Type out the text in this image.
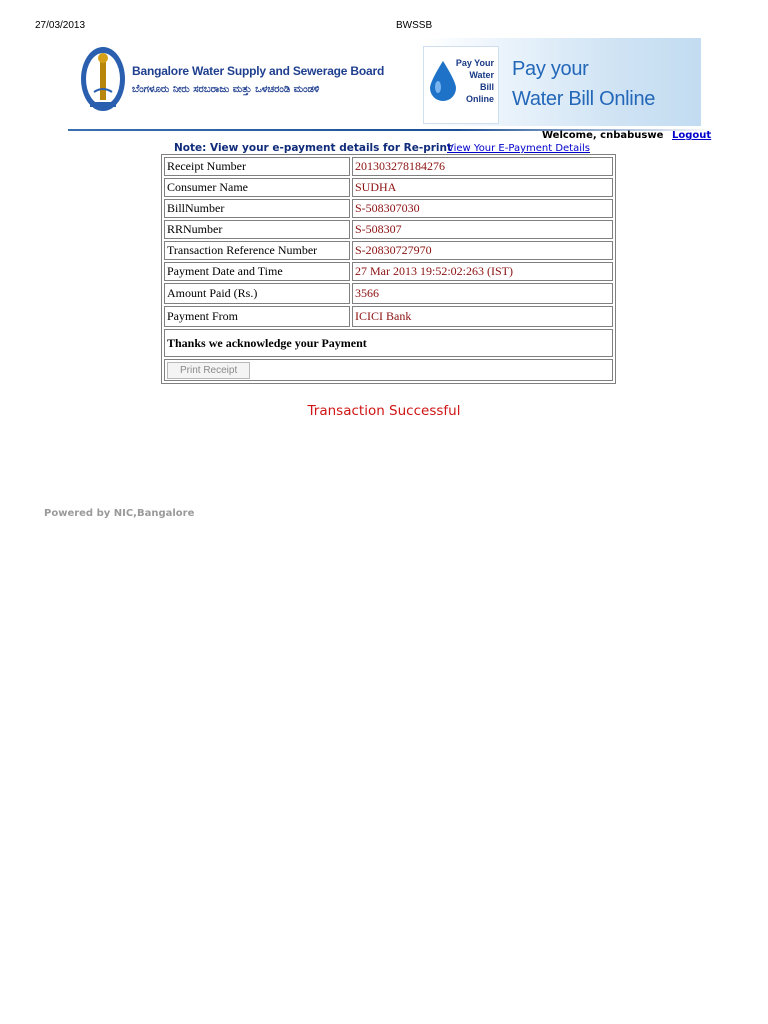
27/03/2013	BWSSB
Bangalore Water Supply and Sewerage Board
ಬೆಂಗಳೂರು ನೀರು ಸರಬರಾಜು ಮತ್ತು ಒಳಚರಂಡಿ ಮಂಡಳಿ
Pay Your Water Bill Online
Pay your
Water Bill Online
Welcome, cnbabuswe Logout
Note: View your e-payment details for Re-print
View Your E-Payment Details
Receipt Number	201303278184276
Consumer Name	SUDHA
BillNumber	S-508307030
RRNumber	S-508307
Transaction Reference Number	S-20830727970
Payment Date and Time	27 Mar 2013 19:52:02:263 (IST)
Amount Paid (Rs.)	3566
Payment From	ICICI Bank
Thanks we acknowledge your Payment	
Print Receipt	
Transaction Successful
Powered by NIC,Bangalore
